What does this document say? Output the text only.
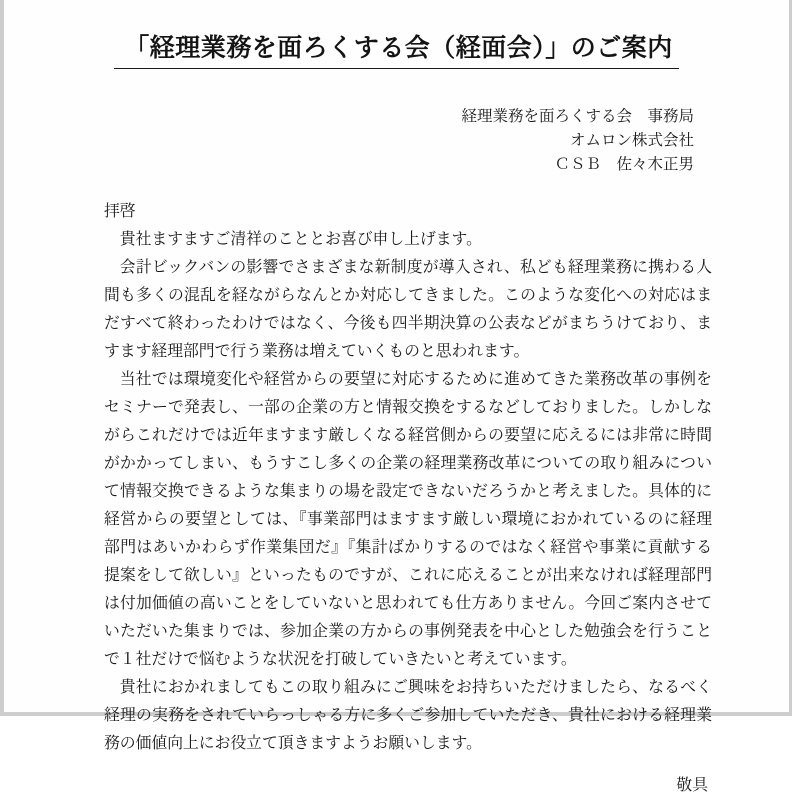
「経理業務を面ろくする会（経面会）」のご案内
経理業務を面ろくする会　事務局
オムロン株式会社
ＣＳＢ　佐々木正男
拝啓

貴社ますますご清祥のこととお喜び申し上げます。

会計ビックバンの影響でさまざまな新制度が導入され、私ども経理業務に携わる人間も多くの混乱を経ながらなんとか対応してきました。このような変化への対応はまだすべて終わったわけではなく、今後も四半期決算の公表などがまちうけており、ますます経理部門で行う業務は増えていくものと思われます。

当社では環境変化や経営からの要望に対応するために進めてきた業務改革の事例をセミナーで発表し、一部の企業の方と情報交換をするなどしておりました。しかしながらこれだけでは近年ますます厳しくなる経営側からの要望に応えるには非常に時間がかかってしまい、もうすこし多くの企業の経理業務改革についての取り組みについて情報交換できるような集まりの場を設定できないだろうかと考えました。具体的に経営からの要望としては、『事業部門はますます厳しい環境におかれているのに経理部門はあいかわらず作業集団だ』『集計ばかりするのではなく経営や事業に貢献する提案をして欲しい』といったものですが、これに応えることが出来なければ経理部門は付加価値の高いことをしていないと思われても仕方ありません。今回ご案内させていただいた集まりでは、参加企業の方からの事例発表を中心とした勉強会を行うことで１社だけで悩むような状況を打破していきたいと考えています。

貴社におかれましてもこの取り組みにご興味をお持ちいただけましたら、なるべく経理の実務をされていらっしゃる方に多くご参加していただき、貴社における経理業務の価値向上にお役立て頂きますようお願いします。

敬具
